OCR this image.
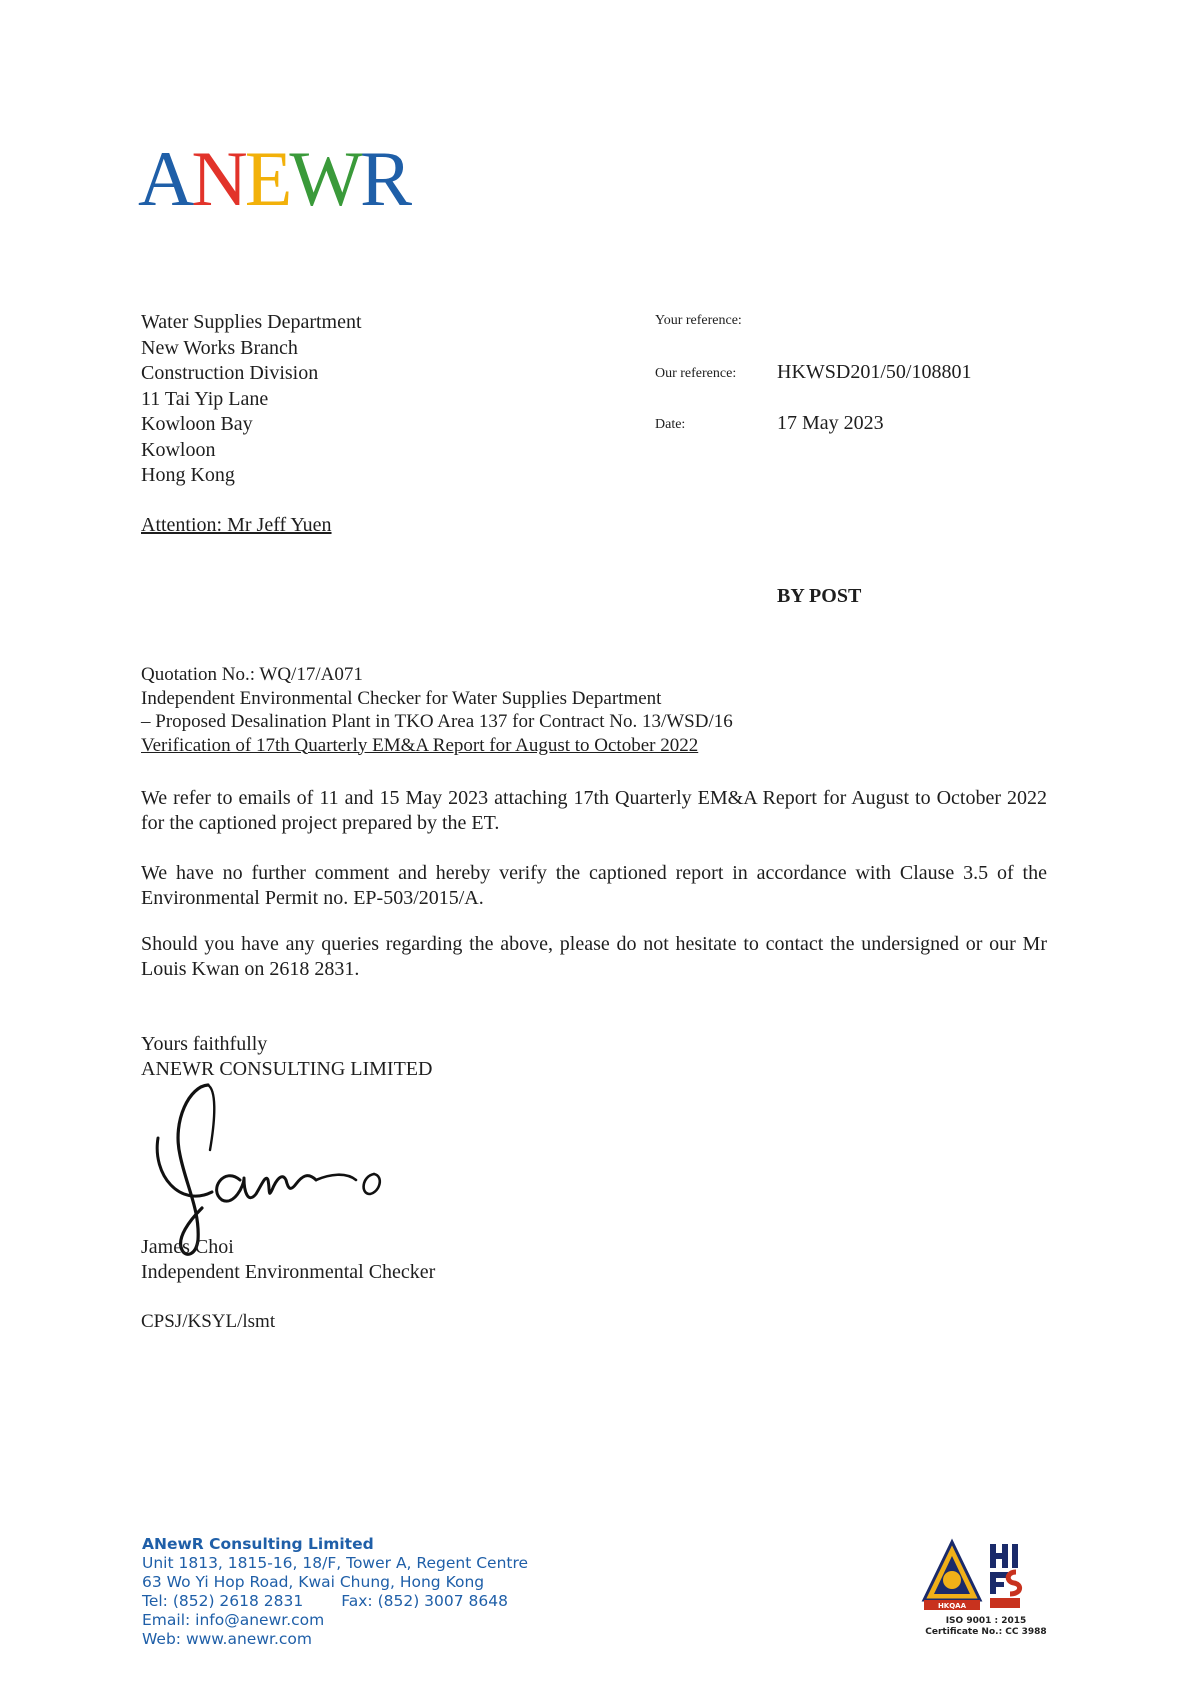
ANEWR
Water Supplies Department
New Works Branch
Construction Division
11 Tai Yip Lane
Kowloon Bay
Kowloon
Hong Kong
Attention: Mr Jeff Yuen
Your reference:
Our reference: HKWSD201/50/108801
Date:	17 May 2023
BY POST
Quotation No.: WQ/17/A071
Independent Environmental Checker for Water Supplies Department
– Proposed Desalination Plant in TKO Area 137 for Contract No. 13/WSD/16
Verification of 17th Quarterly EM&A Report for August to October 2022
We refer to emails of 11 and 15 May 2023 attaching 17th Quarterly EM&A Report for August to October 2022 for the captioned project prepared by the ET.
We have no further comment and hereby verify the captioned report in accordance with Clause 3.5 of the Environmental Permit no. EP-503/2015/A.
Should you have any queries regarding the above, please do not hesitate to contact the undersigned or our Mr Louis Kwan on 2618 2831.
Yours faithfully
ANEWR CONSULTING LIMITED
James Choi
Independent Environmental Checker
CPSJ/KSYL/lsmt
ANewR Consulting Limited
Unit 1813, 1815-16, 18/F, Tower A, Regent Centre
63 Wo Yi Hop Road, Kwai Chung, Hong Kong
Tel: (852) 2618 2831 Fax: (852) 3007 8648
Email: info@anewr.com
Web: www.anewr.com
HKQAA
ISO 9001 : 2015
Certificate No.: CC 3988
